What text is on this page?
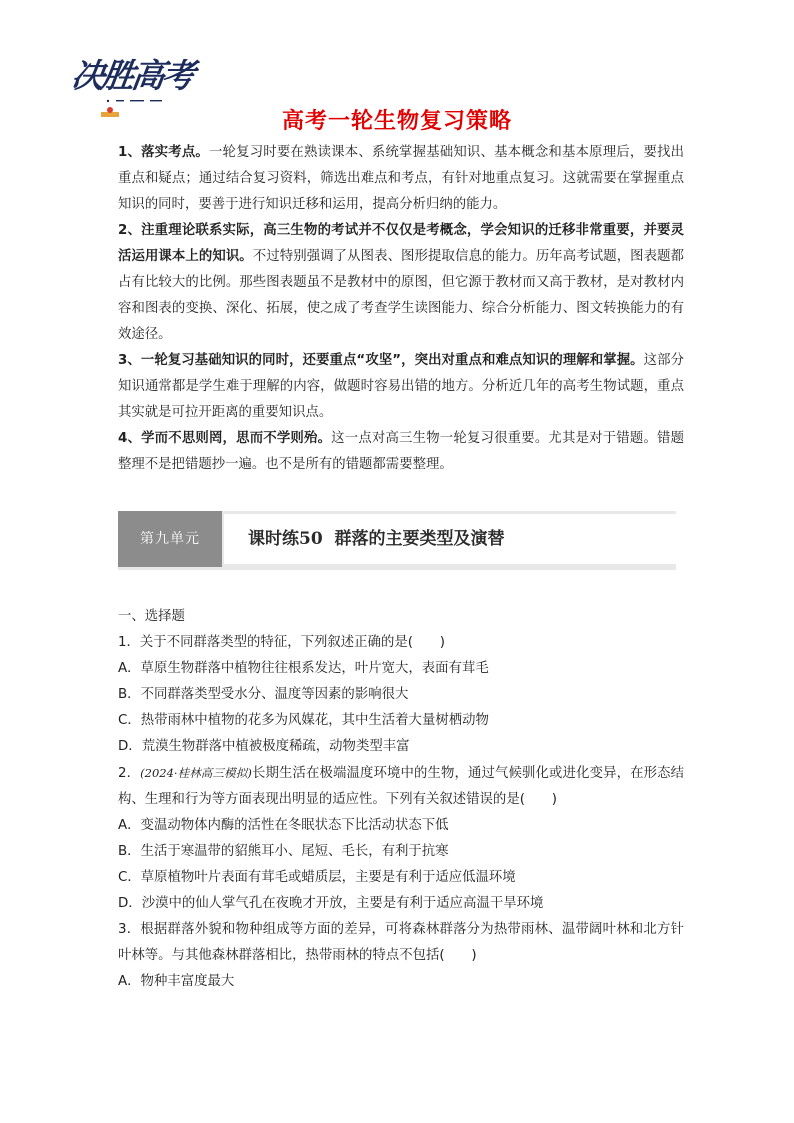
决胜高考
高考一轮生物复习策略

1、落实考点。一轮复习时要在熟读课本、系统掌握基础知识、基本概念和基本原理后，要找出重点和疑点；通过结合复习资料，筛选出难点和考点，有针对地重点复习。这就需要在掌握重点知识的同时，要善于进行知识迁移和运用，提高分析归纳的能力。

2、注重理论联系实际，高三生物的考试并不仅仅是考概念，学会知识的迁移非常重要，并要灵活运用课本上的知识。不过特别强调了从图表、图形提取信息的能力。历年高考试题，图表题都占有比较大的比例。那些图表题虽不是教材中的原图，但它源于教材而又高于教材，是对教材内容和图表的变换、深化、拓展，使之成了考查学生读图能力、综合分析能力、图文转换能力的有效途径。

3、一轮复习基础知识的同时，还要重点“攻坚”，突出对重点和难点知识的理解和掌握。这部分知识通常都是学生难于理解的内容，做题时容易出错的地方。分析近几年的高考生物试题，重点其实就是可拉开距离的重要知识点。

4、学而不思则罔，思而不学则殆。这一点对高三生物一轮复习很重要。尤其是对于错题。错题整理不是把错题抄一遍。也不是所有的错题都需要整理。

第九单元	课时练50  群落的主要类型及演替

一、选择题

1．关于不同群落类型的特征，下列叙述正确的是(　　)

A．草原生物群落中植物往往根系发达，叶片宽大，表面有茸毛

B．不同群落类型受水分、温度等因素的影响很大

C．热带雨林中植物的花多为风媒花，其中生活着大量树栖动物

D．荒漠生物群落中植被极度稀疏，动物类型丰富

2．(2024·桂林高三模拟)长期生活在极端温度环境中的生物，通过气候驯化或进化变异，在形态结构、生理和行为等方面表现出明显的适应性。下列有关叙述错误的是(　　)

A．变温动物体内酶的活性在冬眠状态下比活动状态下低

B．生活于寒温带的貂熊耳小、尾短、毛长，有利于抗寒

C．草原植物叶片表面有茸毛或蜡质层，主要是有利于适应低温环境

D．沙漠中的仙人掌气孔在夜晚才开放，主要是有利于适应高温干旱环境

3．根据群落外貌和物种组成等方面的差异，可将森林群落分为热带雨林、温带阔叶林和北方针叶林等。与其他森林群落相比，热带雨林的特点不包括(　　)

A．物种丰富度最大
